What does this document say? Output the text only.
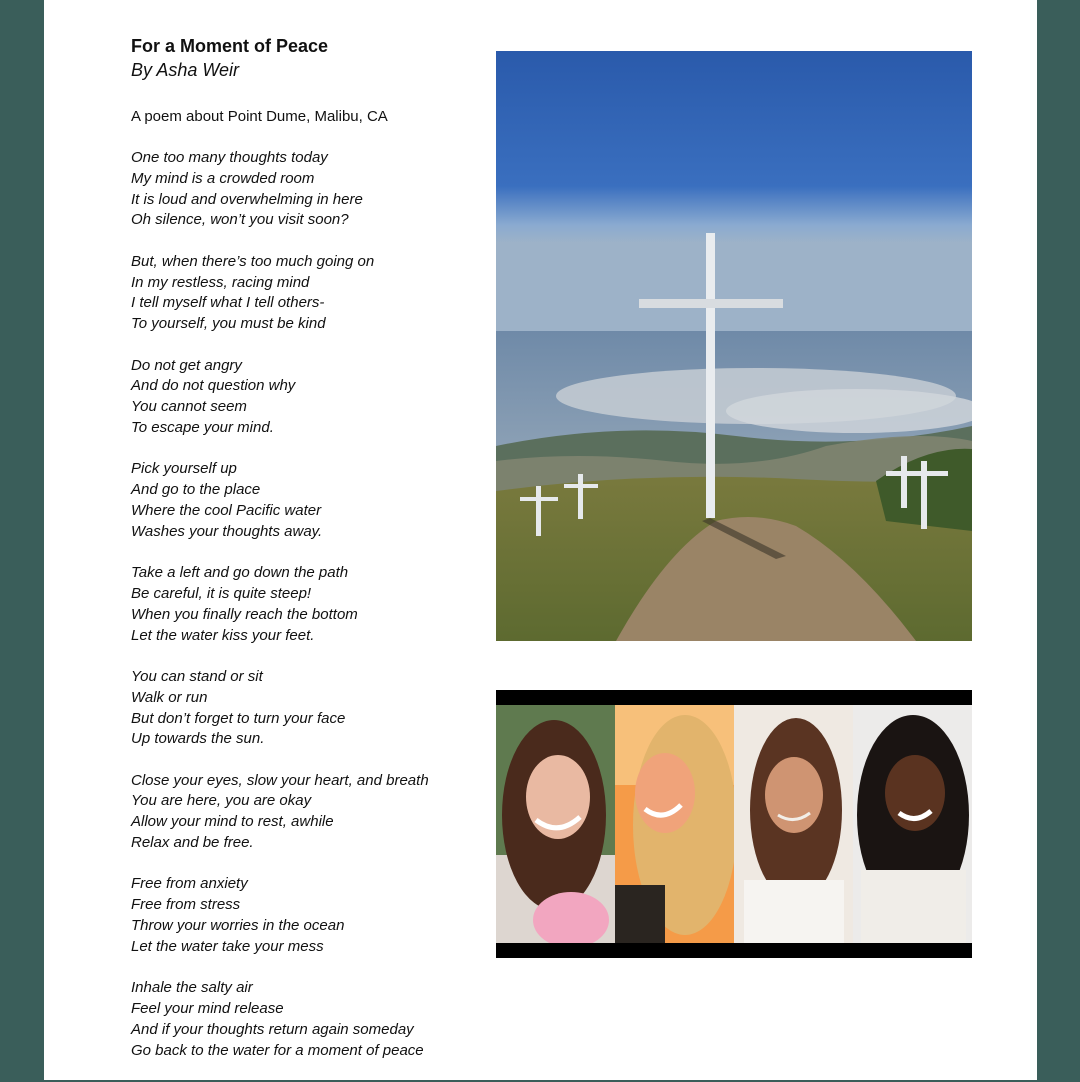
For a Moment of Peace

By Asha Weir

A poem about Point Dume, Malibu, CA

One too many thoughts today
My mind is a crowded room
It is loud and overwhelming in here
Oh silence, won’t you visit soon?
But, when there’s too much going on
In my restless, racing mind
I tell myself what I tell others-
To yourself, you must be kind
Do not get angry
And do not question why
You cannot seem
To escape your mind.
Pick yourself up
And go to the place
Where the cool Pacific water
Washes your thoughts away.
Take a left and go down the path
Be careful, it is quite steep!
When you finally reach the bottom
Let the water kiss your feet.
You can stand or sit
Walk or run
But don’t forget to turn your face
Up towards the sun.
Close your eyes, slow your heart, and breath
You are here, you are okay
Allow your mind to rest, awhile
Relax and be free.
Free from anxiety
Free from stress
Throw your worries in the ocean
Let the water take your mess
Inhale the salty air
Feel your mind release
And if your thoughts return again someday
Go back to the water for a moment of peace
